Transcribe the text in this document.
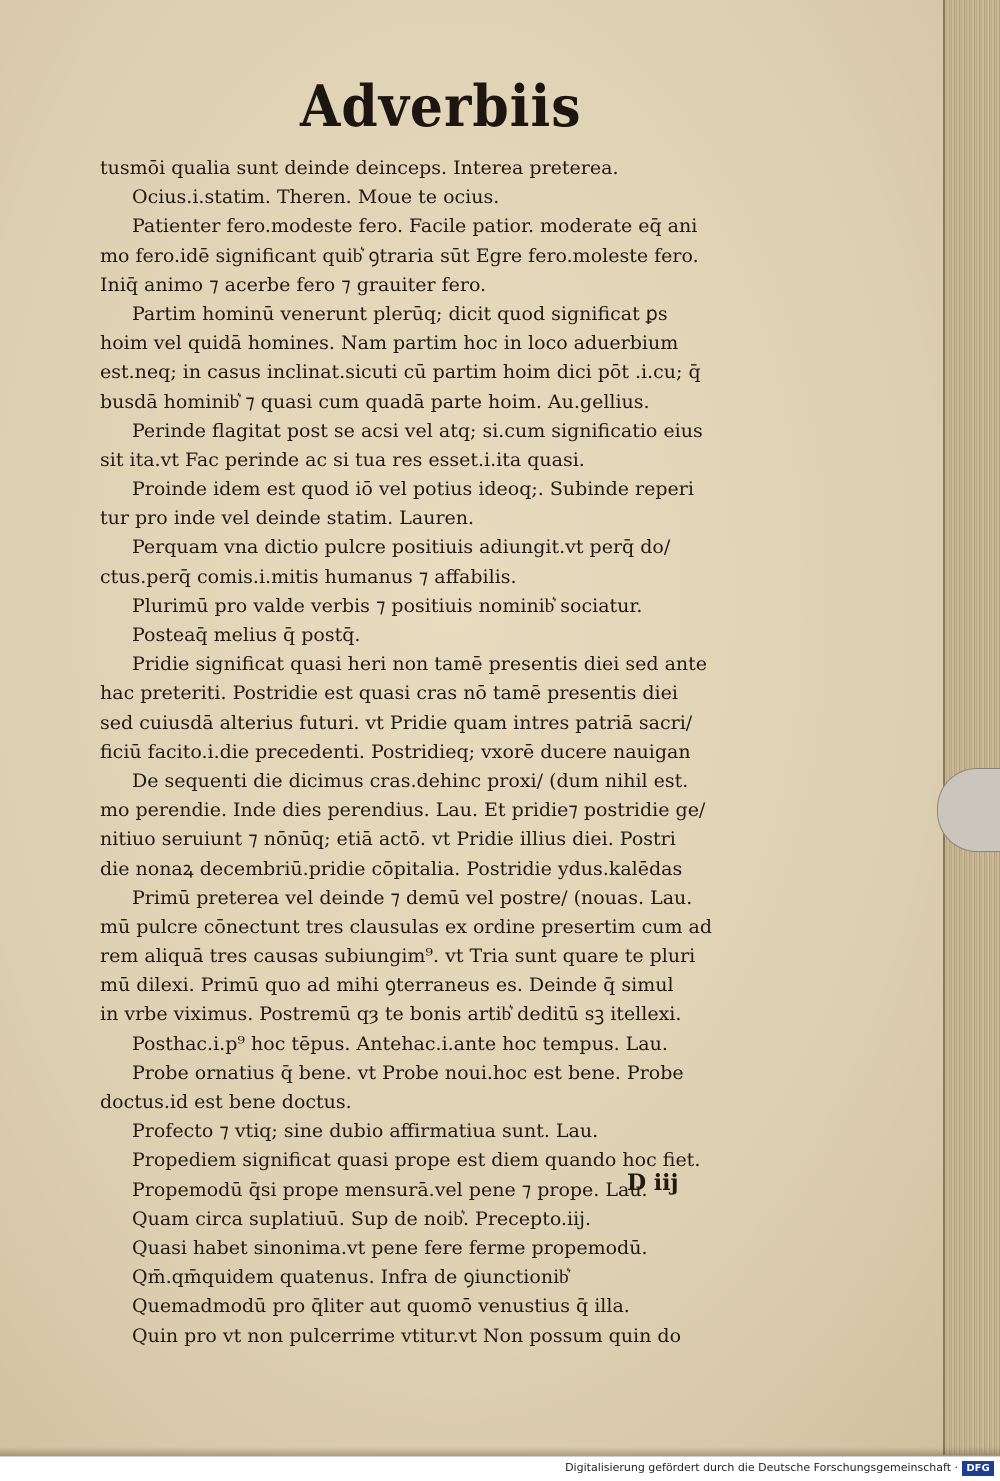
Adverbiis
tusmōi qualia sunt deinde deinceps. Interea preterea.
Ocius.i.statim. Theren. Moue te ocius.
Patienter fero.modeste fero. Facile patior. moderate eq̄ ani
mo fero.idē significant quib͛ ꝯtraria sūt Egre fero.moleste fero.
Iniq̄ animo ⁊ acerbe fero ⁊ grauiter fero.
Partim hominū venerunt plerūq; dicit quod significat ꝑs
hoim vel quidā homines. Nam partim hoc in loco aduerbium
est.neq; in casus inclinat.sicuti cū partim hoim dici pōt .i.cu; q̄
busdā hominib͛ ⁊ quasi cum quadā parte hoim. Au.gellius.
Perinde flagitat post se acsi vel atq; si.cum significatio eius
sit ita.vt Fac perinde ac si tua res esset.i.ita quasi.
Proinde idem est quod iō vel potius ideoq;. Subinde reperi
tur pro inde vel deinde statim. Lauren.
Perquam vna dictio pulcre positiuis adiungit.vt perq̄ do/
ctus.perq̄ comis.i.mitis humanus ⁊ affabilis.
Plurimū pro valde verbis ⁊ positiuis nominib͛ sociatur.
Posteaq̄ melius q̄ postq̄.
Pridie significat quasi heri non tamē presentis diei sed ante
hac preteriti. Postridie est quasi cras nō tamē presentis diei
sed cuiusdā alterius futuri. vt Pridie quam intres patriā sacri/
ficiū facito.i.die precedenti. Postridieq; vxorē ducere nauigan
De sequenti die dicimus cras.dehinc proxi/ (dum nihil est.
mo perendie. Inde dies perendius. Lau. Et pridie⁊ postridie ge/
nitiuo seruiunt ⁊ nōnūq; etiā actō. vt Pridie illius diei. Postri
die nonaꝝ decembriū.pridie cōpitalia. Postridie ydus.kalēdas
Primū preterea vel deinde ⁊ demū vel postre/ (nouas. Lau.
mū pulcre cōnectunt tres clausulas ex ordine presertim cum ad
rem aliquā tres causas subiungim⁹. vt Tria sunt quare te pluri
mū dilexi. Primū quo ad mihi ꝯterraneus es. Deinde q̄ simul
in vrbe viximus. Postremū qȝ te bonis artib͛ deditū sꝫ itellexi.
Posthac.i.p⁹ hoc tēpus. Antehac.i.ante hoc tempus. Lau.
Probe ornatius q̄ bene. vt Probe noui.hoc est bene. Probe
doctus.id est bene doctus.
Profecto ⁊ vtiq; sine dubio affirmatiua sunt. Lau.
Propediem significat quasi prope est diem quando hoc fiet.
Propemodū q̄si prope mensurā.vel pene ⁊ prope. Lau.
Quam circa suplatiuū. Sup de noib͛. Precepto.iij.
Quasi habet sinonima.vt pene fere ferme propemodū.
Qm̄.qm̄quidem quatenus. Infra de ꝯiunctionib͛
Quemadmodū pro q̄liter aut quomō venustius q̄ illa.
Quin pro vt non pulcerrime vtitur.vt Non possum quin do
D iij
Digitalisierung gefördert durch die Deutsche Forschungsgemeinschaft · DFG
